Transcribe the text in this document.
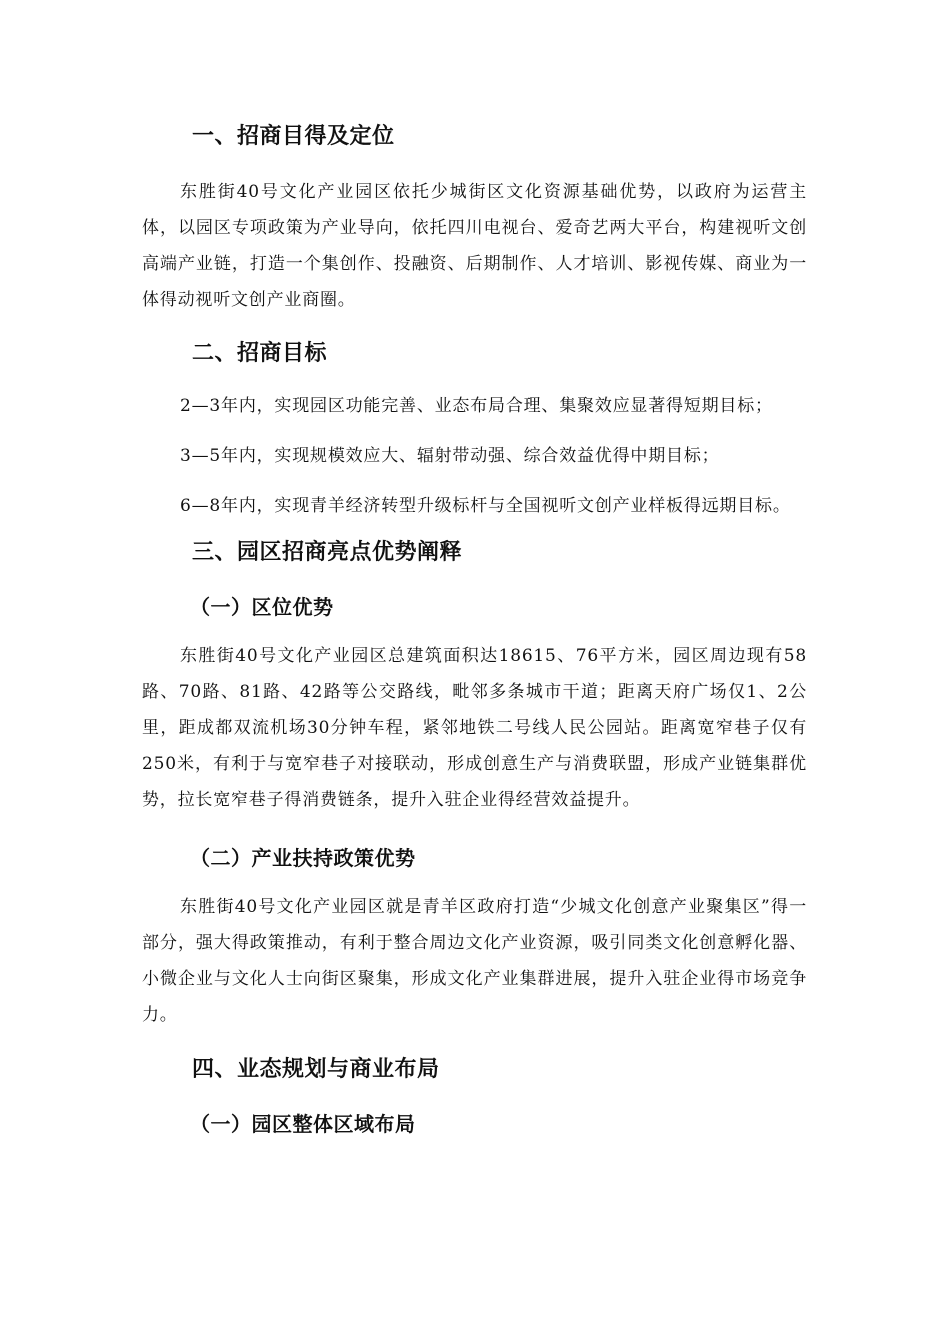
一、招商目得及定位

东胜街40号文化产业园区依托少城街区文化资源基础优势，以政府为运营主体，以园区专项政策为产业导向，依托四川电视台、爱奇艺两大平台，构建视听文创高端产业链，打造一个集创作、投融资、后期制作、人才培训、影视传媒、商业为一体得动视听文创产业商圈。

二、招商目标

2—3年内，实现园区功能完善、业态布局合理、集聚效应显著得短期目标；

3—5年内，实现规模效应大、辐射带动强、综合效益优得中期目标；

6—8年内，实现青羊经济转型升级标杆与全国视听文创产业样板得远期目标。

三、园区招商亮点优势阐释
（一）区位优势

东胜街40号文化产业园区总建筑面积达18615、76平方米，园区周边现有58路、70路、81路、42路等公交路线，毗邻多条城市干道；距离天府广场仅1、2公里，距成都双流机场30分钟车程，紧邻地铁二号线人民公园站。距离宽窄巷子仅有250米，有利于与宽窄巷子对接联动，形成创意生产与消费联盟，形成产业链集群优势，拉长宽窄巷子得消费链条，提升入驻企业得经营效益提升。

（二）产业扶持政策优势

东胜街40号文化产业园区就是青羊区政府打造“少城文化创意产业聚集区”得一部分，强大得政策推动，有利于整合周边文化产业资源，吸引同类文化创意孵化器、小微企业与文化人士向街区聚集，形成文化产业集群进展，提升入驻企业得市场竞争力。

四、业态规划与商业布局
（一）园区整体区域布局
